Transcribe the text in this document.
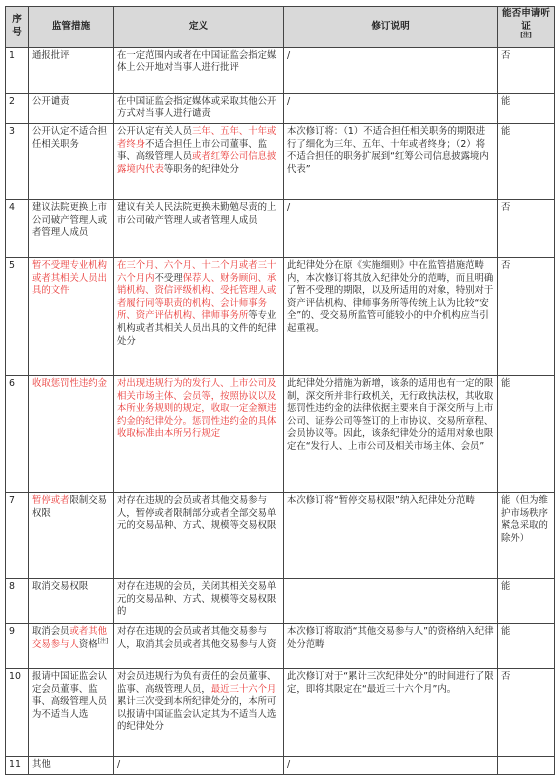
序号	监管措施	定义	修订说明	能否申请听证
[注]
1	通报批评	在一定范围内或者在中国证监会指定媒体上公开地对当事人进行批评	/	否
2	公开谴责	在中国证监会指定媒体或采取其他公开方式对当事人进行谴责	/	能
3	公开认定不适合担任相关职务	公开认定有关人员三年、五年、十年或者终身不适合担任上市公司董事、监事、高级管理人员或者红筹公司信息披露境内代表等职务的纪律处分	本次修订将：（1）不适合担任相关职务的期限进行了细化为三年、五年、十年或者终身；（2）将不适合担任的职务扩展到“红筹公司信息披露境内代表”	能
4	建议法院更换上市公司破产管理人或者管理人成员	建议有关人民法院更换未勤勉尽责的上市公司破产管理人或者管理人成员	/	否
5	暂不受理专业机构或者其相关人员出具的文件	在三个月、六个月、十二个月或者三十六个月内不受理保荐人、财务顾问、承销机构、资信评级机构、受托管理人或者履行同等职责的机构、会计师事务所、资产评估机构、律师事务所等专业机构或者其相关人员出具的文件的纪律处分	此纪律处分在原《实施细则》中在监管措施范畴内，本次修订将其放入纪律处分的范畴，而且明确了暂不受理的期限，以及所适用的对象，特别对于资产评估机构、律师事务所等传统上认为比较“安全”的、受交易所监管可能较小的中介机构应当引起重视。	否
6	收取惩罚性违约金	对出现违规行为的发行人、上市公司及相关市场主体、会员等，按照协议以及本所业务规则的规定，收取一定金额违约金的纪律处分。惩罚性违约金的具体收取标准由本所另行规定	此纪律处分措施为新增，该条的适用也有一定的限制，深交所并非行政机关，无行政执法权，其收取惩罚性违约金的法律依据主要来自于深交所与上市公司、证券公司等签订的上市协议、交易所章程、会员协议等。因此，该条纪律处分的适用对象也限定在“发行人、上市公司及相关市场主体、会员”	能
7	暂停或者限制交易权限	对存在违规的会员或者其他交易参与人，暂停或者限制部分或者全部交易单元的交易品种、方式、规模等交易权限	本次修订将“暂停交易权限”纳入纪律处分范畴	能（但为维护市场秩序紧急采取的除外）
8	取消交易权限	对存在违规的会员，关闭其相关交易单元的交易品种、方式、规模等交易权限的		能
9	取消会员或者其他交易参与人资格[注]	对存在违规的会员或者其他交易参与人，取消其会员或者其他交易参与人资	本次修订将取消“其他交易参与人”的资格纳入纪律处分范畴	能
10	报请中国证监会认定会员董事、监事、高级管理人员为不适当人选	对会员违规行为负有责任的会员董事、监事、高级管理人员，最近三十六个月累计三次受到本所纪律处分的，本所可以报请中国证监会认定其为不适当人选的纪律处分	此次修订对于“累计三次纪律处分”的时间进行了限定，即将其限定在“最近三十六个月”内。	否
11	其他	/	/	
